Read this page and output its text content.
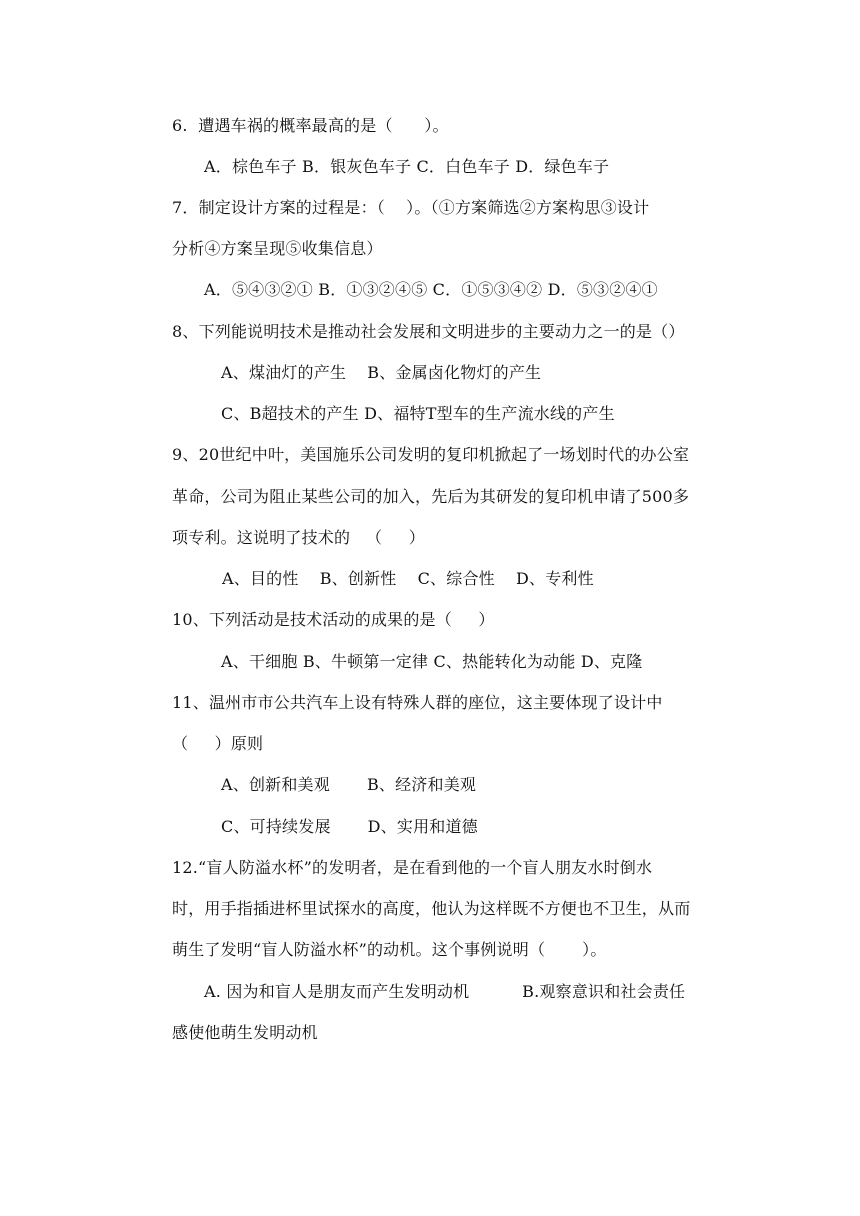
6.  遭遇车祸的概率最高的是（      ）。
A．棕色车子 B．银灰色车子 C．白色车子 D．绿色车子
7．制定设计方案的过程是：（    ）。（①方案筛选②方案构思③设计
分析④方案呈现⑤收集信息）
A．⑤④③②① B．①③②④⑤ C．①⑤③④② D．⑤③②④①
8、下列能说明技术是推动社会发展和文明进步的主要动力之一的是（）
A、煤油灯的产生    B、金属卤化物灯的产生
C、B超技术的产生 D、福特T型车的生产流水线的产生
9、20世纪中叶，美国施乐公司发明的复印机掀起了一场划时代的办公室
革命，公司为阻止某些公司的加入，先后为其研发的复印机申请了500多
项专利。这说明了技术的   （     ）
A、目的性    B、创新性    C、综合性    D、专利性
10、下列活动是技术活动的成果的是（     ）
A、干细胞 B、牛顿第一定律 C、热能转化为动能 D、克隆
11、温州市市公共汽车上设有特殊人群的座位，这主要体现了设计中
（     ）原则
A、创新和美观       B、经济和美观
C、可持续发展       D、实用和道德
12.“盲人防溢水杯”的发明者，是在看到他的一个盲人朋友水时倒水
时，用手指插进杯里试探水的高度，他认为这样既不方便也不卫生，从而
萌生了发明“盲人防溢水杯”的动机。这个事例说明（       ）。
A. 因为和盲人是朋友而产生发明动机          B.观察意识和社会责任
感使他萌生发明动机
